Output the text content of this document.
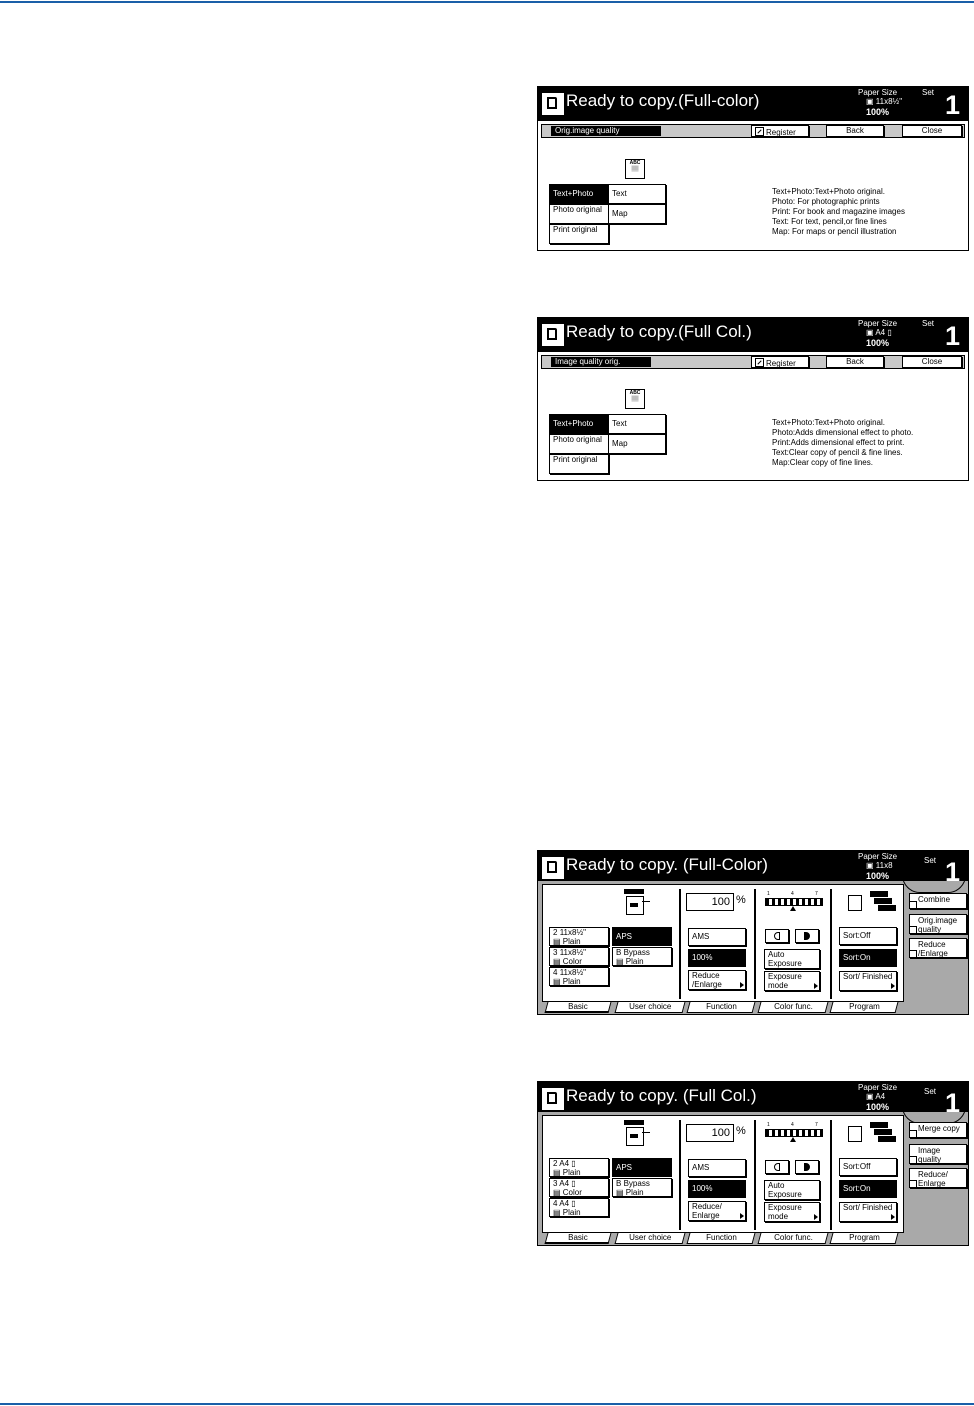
Ready to copy.(Full-color)	Paper Size
▣ 11x8½"
100%
Set 1
Orig.image quality	Register	Back	Close
ABC
▒▒
Text+Photo	Text
Photo original	Map
Print original
Text+Photo:Text+Photo original.
Photo: For photographic prints
Print: For book and magazine images
Text: For text, pencil,or fine lines
Map: For maps or pencil illustration
Ready to copy.(Full Col.)	Paper Size
▣ A4 ▯
100%
Set 1
Image quality orig.	Register	Back	Close
ABC
▒▒
Text+Photo	Text
Photo original	Map
Print original
Text+Photo:Text+Photo original.
Photo:Adds dimensional effect to photo.
Print:Adds dimensional effect to print.
Text:Clear copy of pencil & fine lines.
Map:Clear copy of fine lines.
Ready to copy. (Full-Color)	Paper Size
▣ 11x8
100%
Set 1
2 11x8½"
▤ Plain
3 11x8½"
▤ Color
4 11x8½"
▤ Plain
APS
B Bypass
▤ Plain
100 %
AMS
100%
Reduce /Enlarge
1	4	7
Auto Exposure
Exposure mode
Sort:Off
Sort:On
Sort/ Finished
Basic	User choice	Function	Color func.	Program
Combine
Orig.image quality
Reduce /Enlarge
Ready to copy. (Full Col.)	Paper Size
▣ A4
100%
Set 1
2 A4 ▯
▤ Plain
3 A4 ▯
▤ Color
4 A4 ▯
▤ Plain
APS
B Bypass
▤ Plain
100 %
AMS
100%
Reduce/ Enlarge
1	4	7
Auto Exposure
Exposure mode
Sort:Off
Sort:On
Sort/ Finished
Basic	User choice	Function	Color func.	Program
Merge copy
Image quality
Reduce/ Enlarge
